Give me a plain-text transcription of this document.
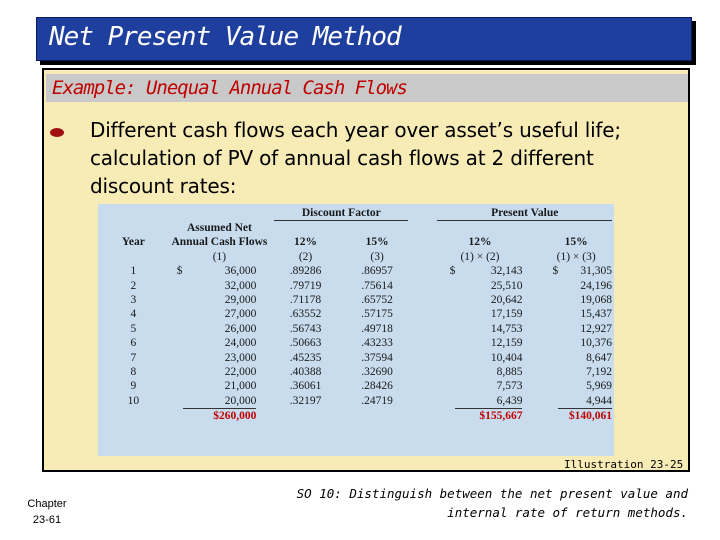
Net Present Value Method
Example: Unequal Annual Cash Flows
Different cash flows each year over asset’s useful life; calculation of PV of annual cash flows at 2 different discount rates:
				Discount Factor				Present Value				
	Assumed Net											
Year	Annual Cash Flows			12%		15%		12%			15%	
	(1)			(2)		(3)		(1) × (2)			(1) × (3)	
1	$	36,000		.89286		.86957		$	32,143		$	31,305
2		32,000		.79719		.75614			25,510			24,196
3		29,000		.71178		.65752			20,642			19,068
4		27,000		.63552		.57175			17,159			15,437
5		26,000		.56743		.49718			14,753			12,927
6		24,000		.50663		.43233			12,159			10,376
7		23,000		.45235		.37594			10,404			8,647
8		22,000		.40388		.32690			8,885			7,192
9		21,000		.36061		.28426			7,573			5,969
10		20,000		.32197		.24719			6,439			4,944
		$260,000							$155,667			$140,061
Illustration 23-25
Chapter
23-61
SO 10: Distinguish between the net present value and
internal rate of return methods.
